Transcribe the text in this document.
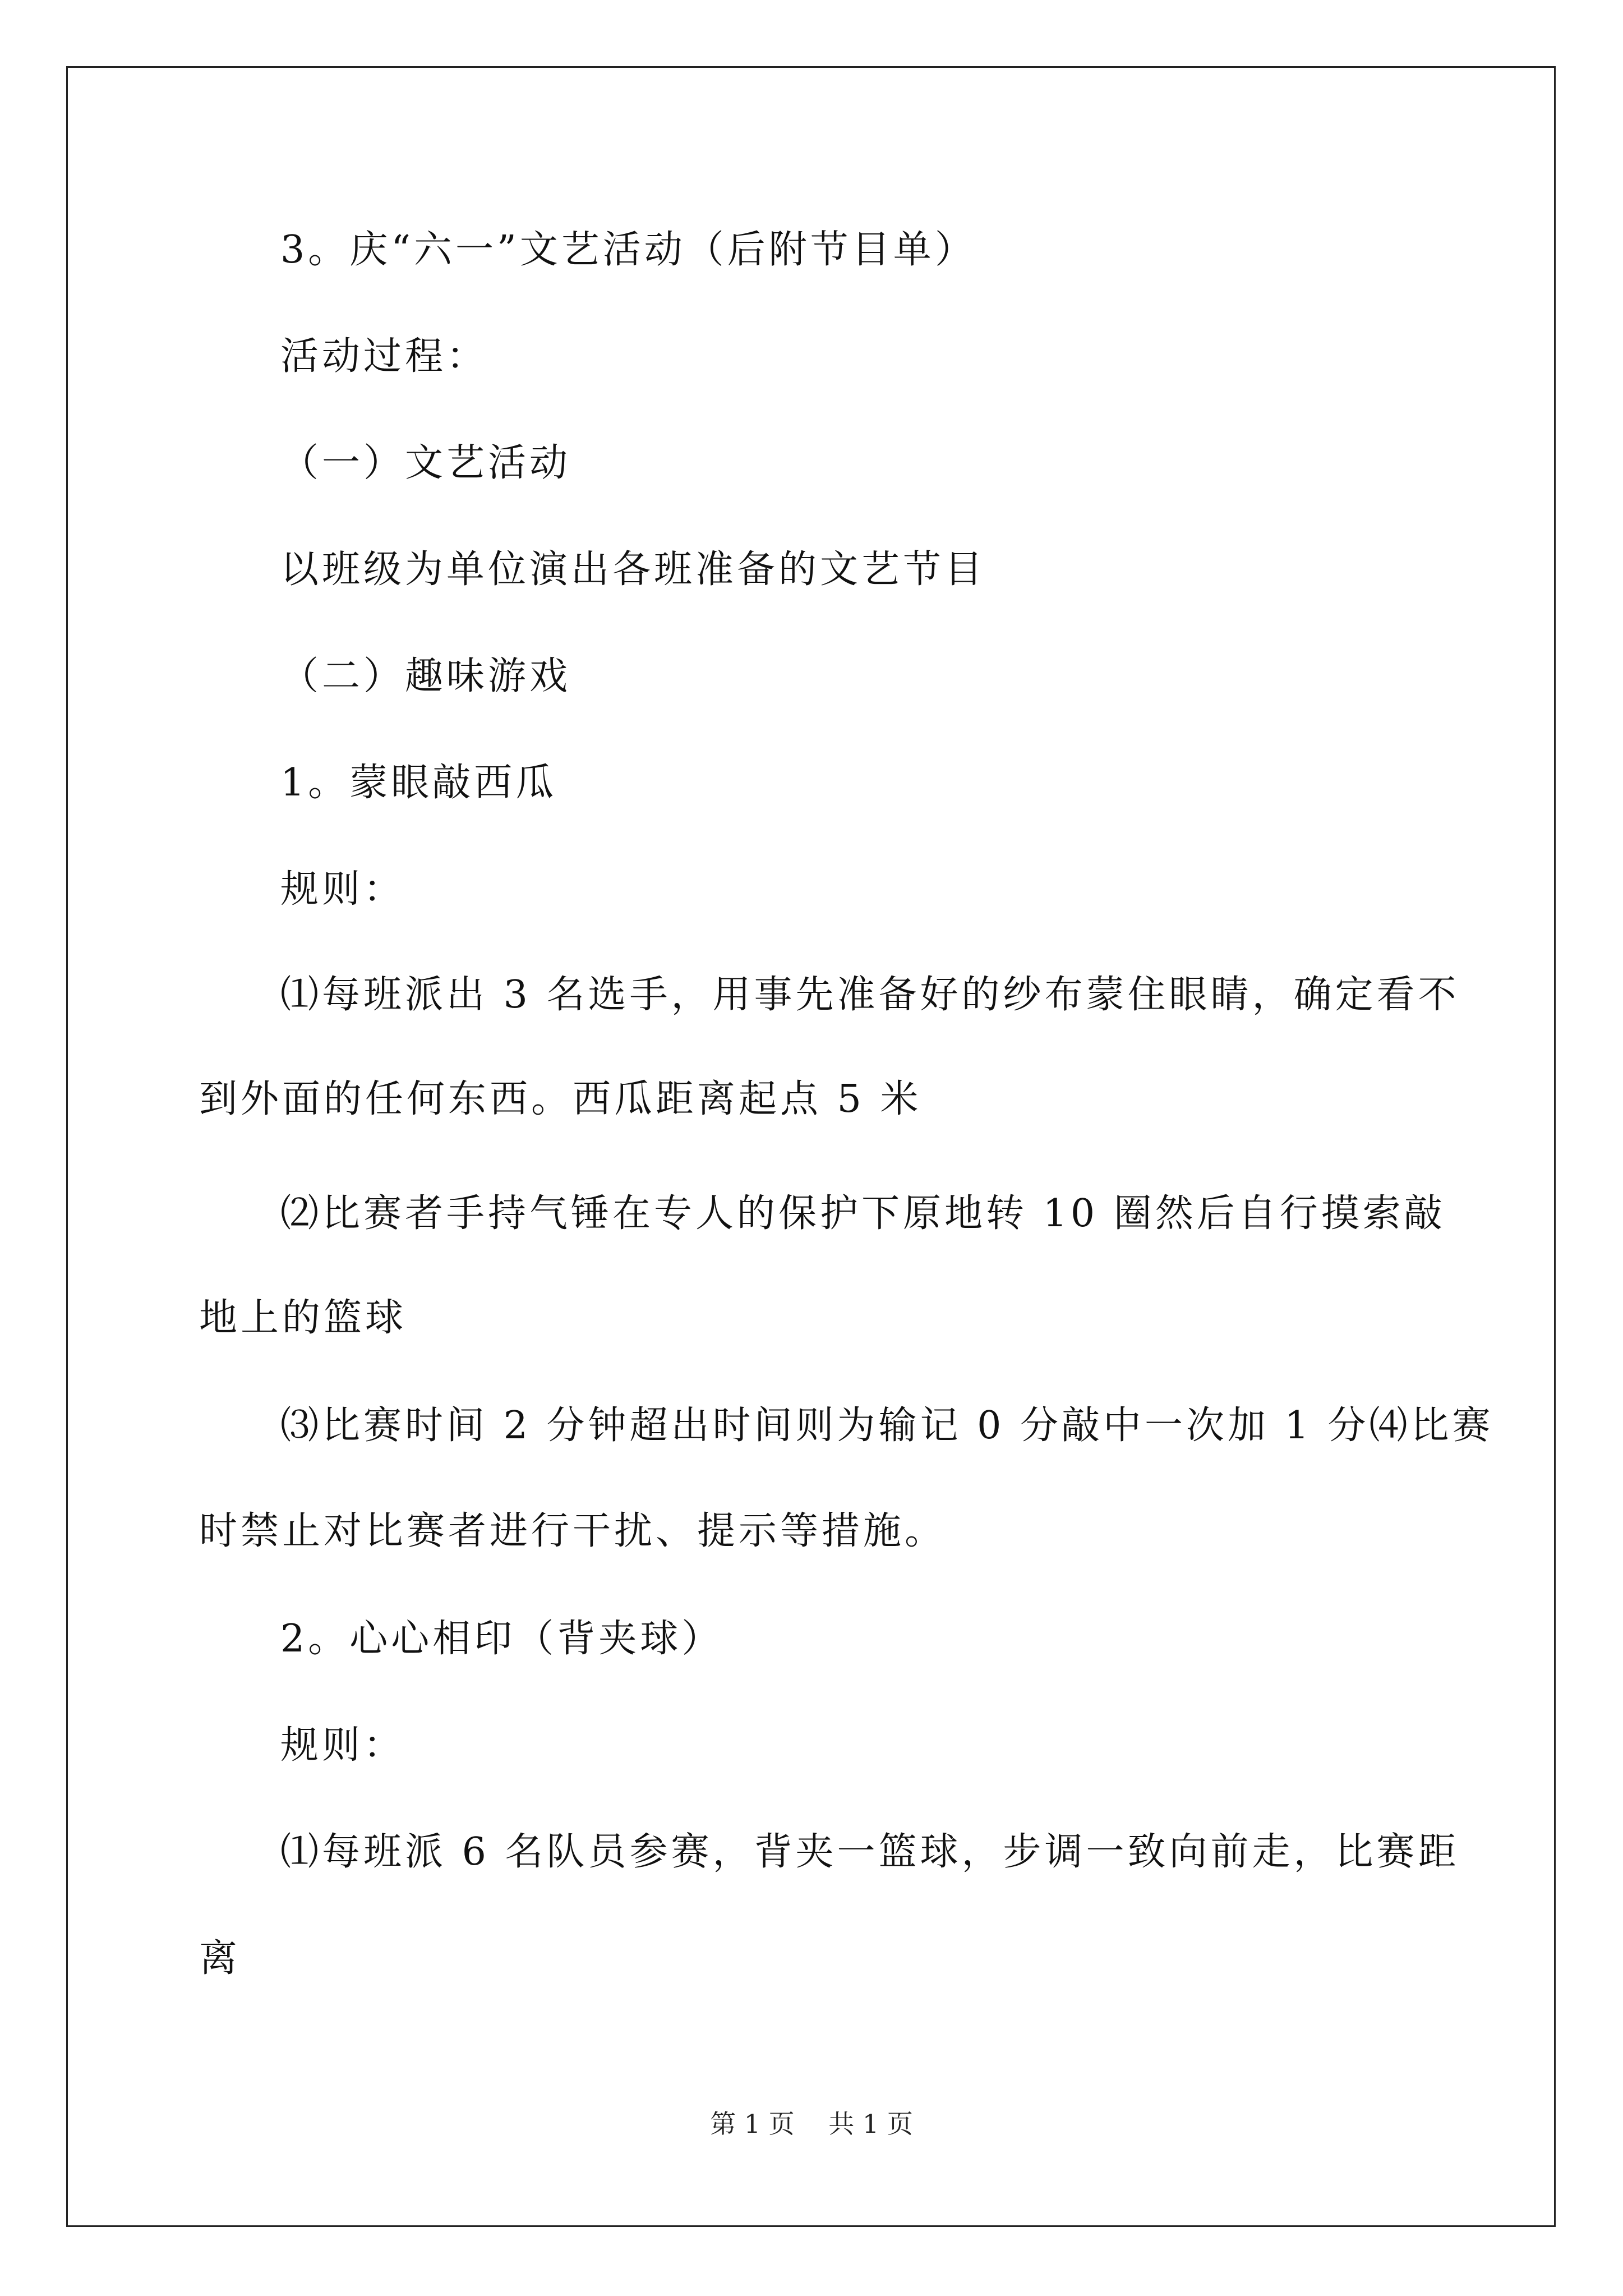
3。庆“六一”文艺活动（后附节目单）
活动过程：
（一）文艺活动
以班级为单位演出各班准备的文艺节目
（二）趣味游戏
1。蒙眼敲西瓜
规则：
⑴每班派出 3 名选手，用事先准备好的纱布蒙住眼睛，确定看不
到外面的任何东西。西瓜距离起点 5 米
⑵比赛者手持气锤在专人的保护下原地转 10 圈然后自行摸索敲
地上的篮球
⑶比赛时间 2 分钟超出时间则为输记 0 分敲中一次加 1 分⑷比赛
时禁止对比赛者进行干扰、提示等措施。
2。心心相印（背夹球）
规则：
⑴每班派 6 名队员参赛，背夹一篮球，步调一致向前走，比赛距
离
第 1 页　 共 1 页
